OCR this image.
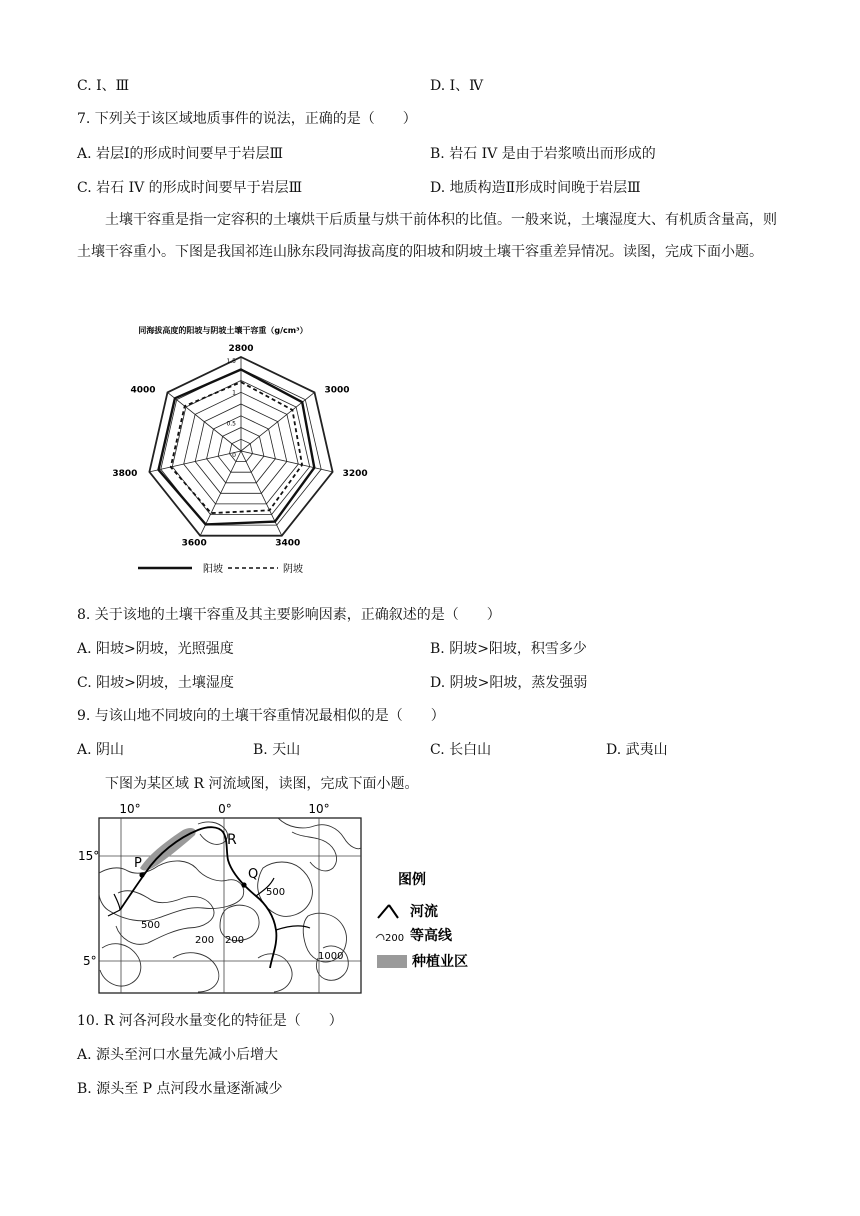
C. Ⅰ、Ⅲ	D. Ⅰ、Ⅳ
7. 下列关于该区域地质事件的说法，正确的是（　　）
A. 岩层Ⅰ的形成时间要早于岩层Ⅲ	B. 岩石 IV 是由于岩浆喷出而形成的
C. 岩石 IV 的形成时间要早于岩层Ⅲ	D. 地质构造Ⅱ形成时间晚于岩层Ⅲ
土壤干容重是指一定容积的土壤烘干后质量与烘干前体积的比值。一般来说，土壤湿度大、有机质含量高，则土壤干容重小。下图是我国祁连山脉东段同海拔高度的阳坡和阴坡土壤干容重差异情况。读图，完成下面小题。
同海拔高度的阳坡与阴坡土壤干容重（g/cm³）
2800
3000
3200
3400
3600
3800
4000
1.5
1
0.5
0
阳坡	阴坡
8. 关于该地的土壤干容重及其主要影响因素，正确叙述的是（　　）
A. 阳坡>阴坡，光照强度	B. 阴坡>阳坡，积雪多少
C. 阳坡>阴坡，土壤湿度	D. 阴坡>阳坡，蒸发强弱
9. 与该山地不同坡向的土壤干容重情况最相似的是（　　）
A. 阴山	B. 天山	C. 长白山	D. 武夷山
下图为某区域 R 河流域图，读图，完成下面小题。
10°	0°	10°
15°
5°
R
P
Q
500
500
200 200
1000
图例
河流
200 等高线
种植业区
10. R 河各河段水量变化的特征是（　　）
A. 源头至河口水量先减小后增大
B. 源头至 P 点河段水量逐渐减少
